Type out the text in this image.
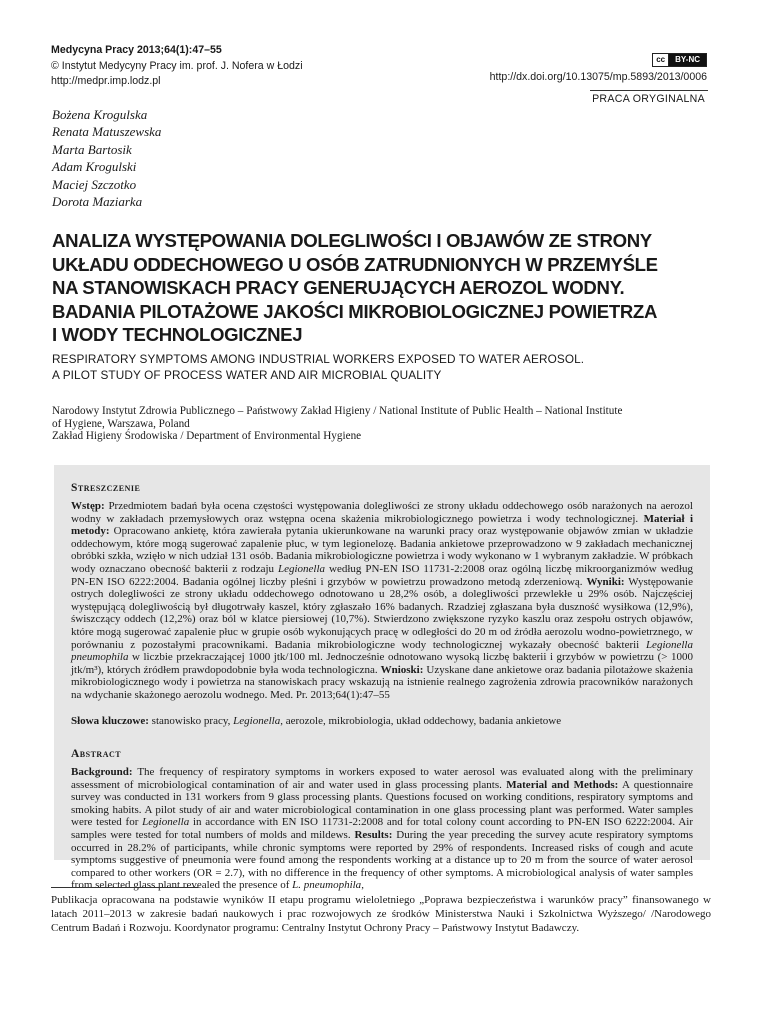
Medycyna Pracy 2013;64(1):47–55
© Instytut Medycyny Pracy im. prof. J. Nofera w Łodzi
http://medpr.imp.lodz.pl
cc BY-NC
http://dx.doi.org/10.13075/mp.5893/2013/0006
PRACA ORYGINALNA
Bożena Krogulska
Renata Matuszewska
Marta Bartosik
Adam Krogulski
Maciej Szczotko
Dorota Maziarka
ANALIZA WYSTĘPOWANIA DOLEGLIWOŚCI I OBJAWÓW ZE STRONY
UKŁADU ODDECHOWEGO U OSÓB ZATRUDNIONYCH W PRZEMYŚLE
NA STANOWISKACH PRACY GENERUJĄCYCH AEROZOL WODNY.
BADANIA PILOTAŻOWE JAKOŚCI MIKROBIOLOGICZNEJ POWIETRZA
I WODY TECHNOLOGICZNEJ
RESPIRATORY SYMPTOMS AMONG INDUSTRIAL WORKERS EXPOSED TO WATER AEROSOL.
A PILOT STUDY OF PROCESS WATER AND AIR MICROBIAL QUALITY
Narodowy Instytut Zdrowia Publicznego – Państwowy Zakład Higieny / National Institute of Public Health – National Institute
of Hygiene, Warszawa, Poland
Zakład Higieny Środowiska / Department of Environmental Hygiene
Streszczenie
Wstęp: Przedmiotem badań była ocena częstości występowania dolegliwości ze strony układu oddechowego osób narażonych na aerozol wodny w zakładach przemysłowych oraz wstępna ocena skażenia mikrobiologicznego powietrza i wody technologicznej. Materiał i metody: Opracowano ankietę, która zawierała pytania ukierunkowane na warunki pracy oraz występowanie objawów zmian w układzie oddechowym, które mogą sugerować zapalenie płuc, w tym legionelozę. Badania ankietowe przeprowadzono w 9 zakładach mechanicznej obróbki szkła, wzięło w nich udział 131 osób. Badania mikrobiologiczne powietrza i wody wykonano w 1 wybranym zakładzie. W próbkach wody oznaczano obecność bakterii z rodzaju Legionella według PN-EN ISO 11731-2:2008 oraz ogólną liczbę mikroorganizmów według PN-EN ISO 6222:2004. Badania ogólnej liczby pleśni i grzybów w powietrzu prowadzono metodą zderzeniową. Wyniki: Występowanie ostrych dolegliwości ze strony układu oddechowego odnotowano u 28,2% osób, a dolegliwości przewlekłe u 29% osób. Najczęściej występującą dolegliwością był długotrwały kaszel, który zgłaszało 16% badanych. Rzadziej zgłaszana była duszność wysiłkowa (12,9%), świszczący oddech (12,2%) oraz ból w klatce piersiowej (10,7%). Stwierdzono zwiększone ryzyko kaszlu oraz zespołu ostrych objawów, które mogą sugerować zapalenie płuc w grupie osób wykonujących pracę w odległości do 20 m od źródła aerozolu wodno-powietrznego, w porównaniu z pozostałymi pracownikami. Badania mikrobiologiczne wody technologicznej wykazały obecność bakterii Legionella pneumophila w liczbie przekraczającej 1000 jtk/100 ml. Jednocześnie odnotowano wysoką liczbę bakterii i grzybów w powietrzu (> 1000 jtk/m³), których źródłem prawdopodobnie była woda technologiczna. Wnioski: Uzyskane dane ankietowe oraz badania pilotażowe skażenia mikrobiologicznego wody i powietrza na stanowiskach pracy wskazują na istnienie realnego zagrożenia zdrowia pracowników narażonych na wdychanie skażonego aerozolu wodnego. Med. Pr. 2013;64(1):47–55
Słowa kluczowe: stanowisko pracy, Legionella, aerozole, mikrobiologia, układ oddechowy, badania ankietowe
Abstract
Background: The frequency of respiratory symptoms in workers exposed to water aerosol was evaluated along with the preliminary assessment of microbiological contamination of air and water used in glass processing plants. Material and Methods: A questionnaire survey was conducted in 131 workers from 9 glass processing plants. Questions focused on working conditions, respiratory symptoms and smoking habits. A pilot study of air and water microbiological contamination in one glass processing plant was performed. Water samples were tested for Legionella in accordance with EN ISO 11731-2:2008 and for total colony count according to PN-EN ISO 6222:2004. Air samples were tested for total numbers of molds and mildews. Results: During the year preceding the survey acute respiratory symptoms occurred in 28.2% of participants, while chronic symptoms were reported by 29% of respondents. Increased risks of cough and acute symptoms suggestive of pneumonia were found among the respondents working at a distance up to 20 m from the source of water aerosol compared to other workers (OR = 2.7), with no difference in the frequency of other symptoms. A microbiological analysis of water samples from selected glass plant revealed the presence of L. pneumophila,
Publikacja opracowana na podstawie wyników II etapu programu wieloletniego „Poprawa bezpieczeństwa i warunków pracy” finansowanego w latach 2011–2013 w zakresie badań naukowych i prac rozwojowych ze środków Ministerstwa Nauki i Szkolnictwa Wyższego/ /Narodowego Centrum Badań i Rozwoju. Koordynator programu: Centralny Instytut Ochrony Pracy – Państwowy Instytut Badawczy.
